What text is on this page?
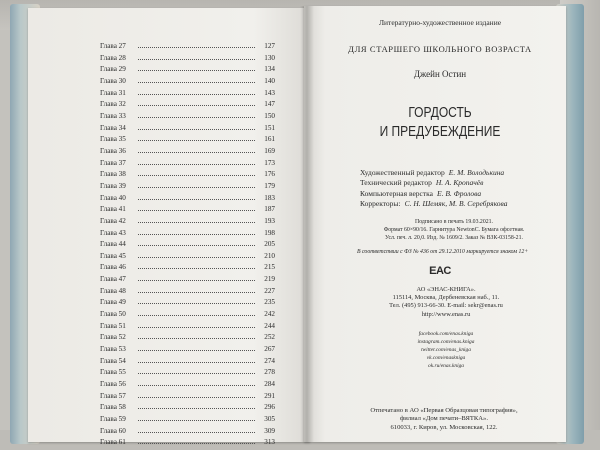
Глава 27	127
Глава 28	130
Глава 29	134
Глава 30	140
Глава 31	143
Глава 32	147
Глава 33	150
Глава 34	151
Глава 35	161
Глава 36	169
Глава 37	173
Глава 38	176
Глава 39	179
Глава 40	183
Глава 41	187
Глава 42	193
Глава 43	198
Глава 44	205
Глава 45	210
Глава 46	215
Глава 47	219
Глава 48	227
Глава 49	235
Глава 50	242
Глава 51	244
Глава 52	252
Глава 53	267
Глава 54	274
Глава 55	278
Глава 56	284
Глава 57	291
Глава 58	296
Глава 59	305
Глава 60	309
Глава 61	313
Литературно-художественное издание
ДЛЯ СТАРШЕГО ШКОЛЬНОГО ВОЗРАСТА
Джейн Остин
ГОРДОСТЬ
И ПРЕДУБЕЖДЕНИЕ
Художественный редактор Е. М. Володькина
Технический редактор Н. А. Кропачёв
Компьютерная верстка Е. В. Фролова
Корректоры: С. Н. Шемяк, М. В. Серебрякова
Подписано в печать 19.03.2021.
Формат 60×90/16. Гарнитура NewtonC. Бумага офсетная.
Усл. печ. л. 20,0. Изд. № 1609/2. Заказ № ВЗК-03158-21.
В соответствии с ФЗ № 436 от 29.12.2010 маркируется знаком 12+
EAC
АО «ЭНАС-КНИГА».
115114, Москва, Дербеневская наб., 11.
Тел. (495) 913-66-30. E-mail: sekr@enas.ru
http://www.enas.ru
facebook.com/enas.kniga
instagram.com/enas.kniga
twitter.com/enas_kniga
vk.com/enaskniga
ok.ru/enas.kniga
Отпечатано в АО «Первая Образцовая типография»,
филиал «Дом печати–ВЯТКА».
610033, г. Киров, ул. Московская, 122.
